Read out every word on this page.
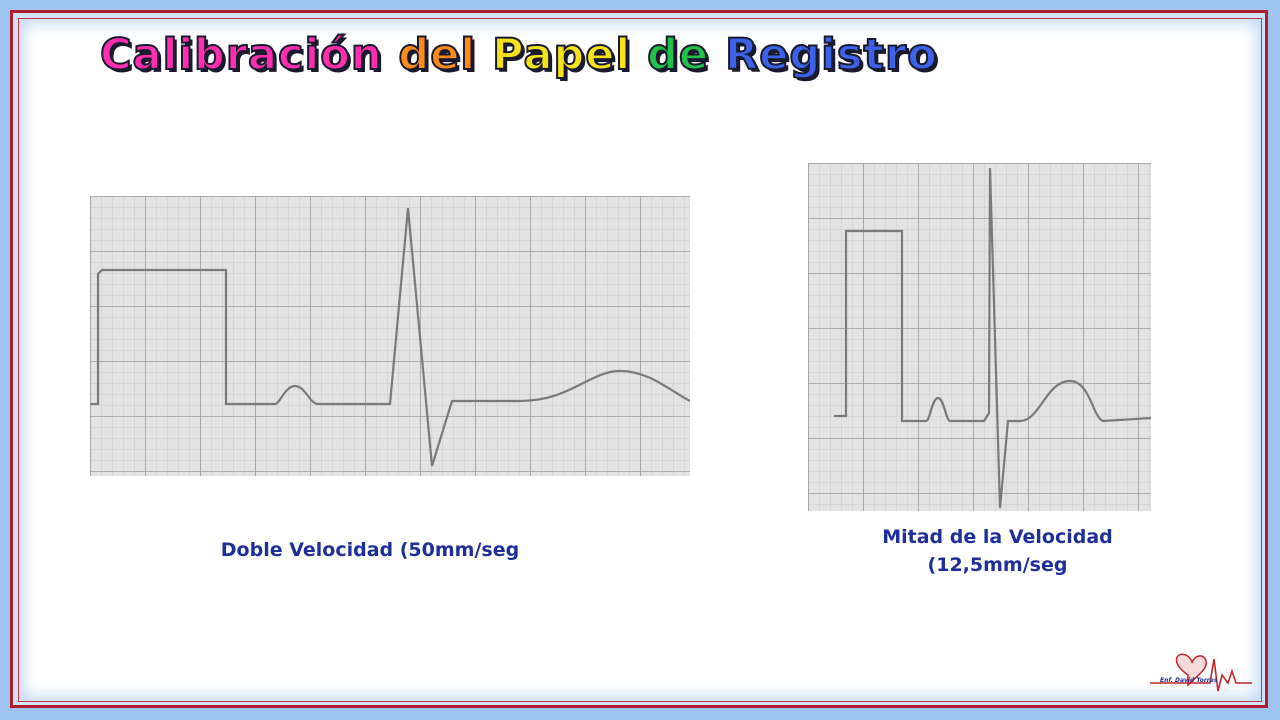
Calibración del Papel de Registro
Doble Velocidad (50mm/seg
Mitad de la Velocidad
(12,5mm/seg
Enf. David Torres
